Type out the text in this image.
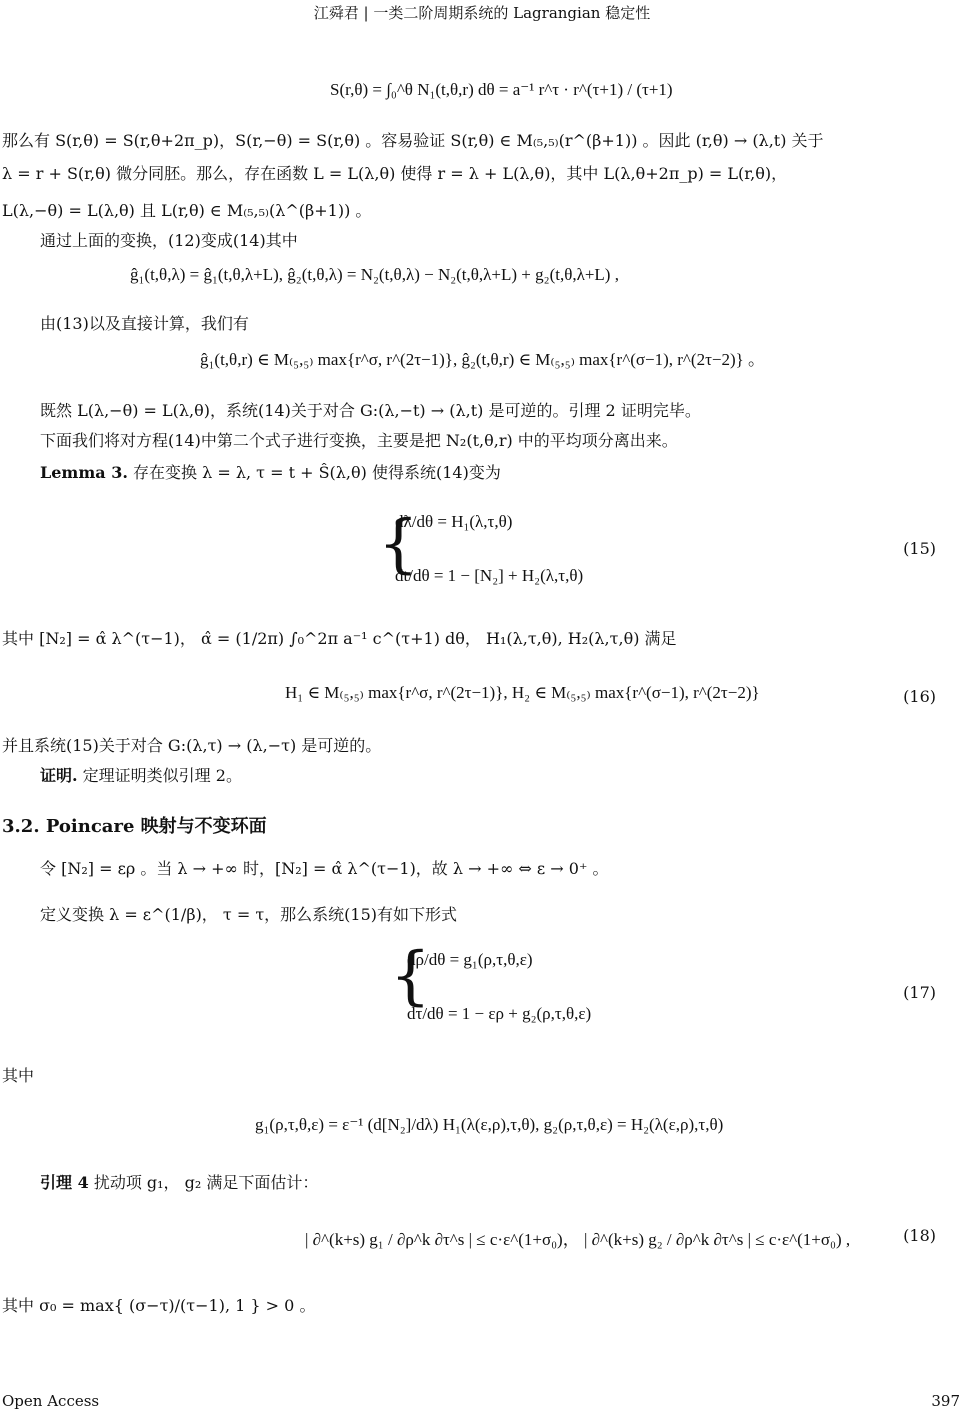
江舜君 | 一类二阶周期系统的 Lagrangian 稳定性
S(r,θ) = ∫₀^θ N₁(t,θ,r) dθ = a⁻¹ r^τ · r^(τ+1) / (τ+1)
那么有 S(r,θ) = S(r,θ+2π_p)，S(r,−θ) = S(r,θ) 。容易验证 S(r,θ) ∈ M₍₅,₅₎(r^(β+1)) 。因此 (r,θ) → (λ,t) 关于
λ = r + S(r,θ) 微分同胚。那么，存在函数 L = L(λ,θ) 使得 r = λ + L(λ,θ)，其中 L(λ,θ+2π_p) = L(r,θ)，
L(λ,−θ) = L(λ,θ) 且 L(r,θ) ∈ M₍₅,₅₎(λ^(β+1)) 。
通过上面的变换，(12)变成(14)其中
ĝ₁(t,θ,λ) = ĝ₁(t,θ,λ+L), ĝ₂(t,θ,λ) = N₂(t,θ,λ) − N₂(t,θ,λ+L) + g₂(t,θ,λ+L) ,
由(13)以及直接计算，我们有
ĝ₁(t,θ,r) ∈ M₍₅,₅₎ max{r^σ, r^(2τ−1)}, ĝ₂(t,θ,r) ∈ M₍₅,₅₎ max{r^(σ−1), r^(2τ−2)} 。
既然 L(λ,−θ) = L(λ,θ)，系统(14)关于对合 G:(λ,−t) → (λ,t) 是可逆的。引理 2 证明完毕。
下面我们将对方程(14)中第二个式子进行变换，主要是把 N₂(t,θ,r) 中的平均项分离出来。
Lemma 3. 存在变换 λ = λ, τ = t + Ŝ(λ,θ) 使得系统(14)变为
{
dλ/dθ = H₁(λ,τ,θ)
dt/dθ = 1 − [N₂] + H₂(λ,τ,θ)
(15)
其中 [N₂] = α̂ λ^(τ−1)， α̂ = (1/2π) ∫₀^2π a⁻¹ c^(τ+1) dθ， H₁(λ,τ,θ), H₂(λ,τ,θ) 满足
H₁ ∈ M₍₅,₅₎ max{r^σ, r^(2τ−1)}, H₂ ∈ M₍₅,₅₎ max{r^(σ−1), r^(2τ−2)}	(16)
并且系统(15)关于对合 G:(λ,τ) → (λ,−τ) 是可逆的。
证明. 定理证明类似引理 2。
3.2. Poincare 映射与不变环面
令 [N₂] = ερ 。当 λ → +∞ 时，[N₂] = α̂ λ^(τ−1)，故 λ → +∞ ⇔ ε → 0⁺ 。
定义变换 λ = ε^(1/β)， τ = τ，那么系统(15)有如下形式
{
dρ/dθ = g₁(ρ,τ,θ,ε)
dτ/dθ = 1 − ερ + g₂(ρ,τ,θ,ε)
(17)
其中
g₁(ρ,τ,θ,ε) = ε⁻¹ (d[N₂]/dλ) H₁(λ(ε,ρ),τ,θ), g₂(ρ,τ,θ,ε) = H₂(λ(ε,ρ),τ,θ)
引理 4 扰动项 g₁， g₂ 满足下面估计：
| ∂^(k+s) g₁ / ∂ρ^k ∂τ^s | ≤ c·ε^(1+σ₀)， | ∂^(k+s) g₂ / ∂ρ^k ∂τ^s | ≤ c·ε^(1+σ₀) ,	(18)
其中 σ₀ = max{ (σ−τ)/(τ−1), 1 } > 0 。
Open Access	397
